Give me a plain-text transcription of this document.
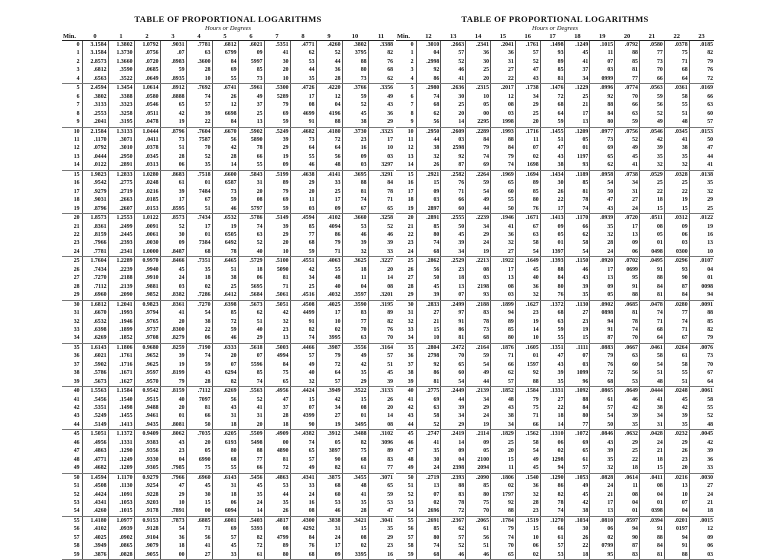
TABLE OF PROPORTIONAL LOGARITHMS
Hours or Degrees
Min.	0	1	2	3	4	5	6	7	8	9	10	11
0	3.1584	1.3802	1.0792	.9031	.7781	.6812	.6021	.5351	.4771	.4260	.3802	.3388
1	3.1584	1.3730	.0756	.07	63	6799	09	41	62	52	3795	82
2	2.8573	1.3660	.0720	.8983	.3600	84	5997	30	53	44	88	76
3	.6812	.3590	.0685	59	28	69	85	20	44	36	80	68
4	.6563	.3522	.0649	.8935	10	55	73	10	35	28	73	62
5	2.4594	1.3454	1.0614	.8912	.7692	.6741	.5961	.5300	.4726	.4220	.3766	.3356
6	.3802	.3388	.0580	.8888	74	26	49	5289	17	12	59	49
7	.3133	.3323	.0546	65	57	12	37	79	08	04	52	43
8	.2553	.3258	.0511	42	39	6698	25	69	4699	4196	45	36
9	.2041	.3195	.0478	19	22	84	13	59	91	88	38	29
10	2.1584	1.3133	1.0444	.8796	.7604	.6670	.5902	.5249	.4682	.4180	.3730	.3323
11	.1170	.3071	.0411	73	7587	56	5890	39	73	72	23	17
12	.0792	.3010	.0378	51	70	42	78	29	64	64	16	10
13	.0444	.2950	.0345	28	52	28	66	19	55	56	09	03
14	.0122	.2891	.0313	06	35	14	55	09	46	48	03	3297
15	1.9823	1.2833	1.0280	.8683	.7518	.6600	.5843	.5199	.4638	.4141	.3695	.3291
16	.9542	.2775	.0248	61	01	6587	31	89	29	33	88	84
17	.9279	.2719	.0216	39	7484	73	20	79	20	25	81	78
18	.9031	.2663	.0185	17	67	59	08	69	11	17	74	71
19	.8796	.2607	.0153	.8595	51	46	5797	59	03	09	67	65
20	1.8573	1.2553	1.0122	.8573	.7434	.6532	.5786	.5149	.4594	.4102	.3660	.3258
21	.8361	.2499	.0091	52	17	19	74	39	85	4094	53	52
22	.8159	.2445	.0061	30	01	6505	63	29	77	86	46	46
23	.7966	.2393	.0030	09	7384	6492	52	20	68	79	39	39
24	.7781	.2341	1.0000	.8487	68	78	40	10	59	71	32	33
25	1.7604	1.2289	0.9970	.8466	.7351	.6465	.5729	.5100	.4551	.4063	.3625	.3227
26	.7434	.2239	.9940	45	35	51	18	5090	42	55	18	20
27	.7270	.2188	.9910	24	18	38	06	81	34	48	11	14
28	.7112	.2139	.9881	03	02	25	5695	71	25	40	04	08
29	.6960	.2090	.9852	.8382	.7286	.6412	.5684	.5061	.4516	.4032	.3597	.3201
30	1.6812	1.2041	0.9823	.8361	.7270	.6398	.5673	.5051	.4508	.4025	.3590	.3195
31	.6670	.1993	.9794	41	54	85	62	42	4499	17	83	89
32	.6532	.1946	.9765	20	38	72	51	32	91	10	77	82
33	.6398	.1899	.9737	.8300	22	59	40	23	82	02	70	76
34	.6269	.1852	.9708	.8279	06	46	29	13	74	3995	63	70
35	1.6143	1.1806	0.9680	.8259	.7190	.6333	.5618	.5003	.4466	.3987	.3556	.3164
36	.6021	.1761	.9652	39	74	20	07	4994	57	79	49	57
37	.5902	.1716	.9625	19	59	07	5596	84	49	72	42	51
38	.5786	.1671	.9597	.8199	43	6294	85	75	40	64	35	45
39	.5673	.1627	.9570	79	28	82	74	65	32	57	29	39
40	1.5563	1.1584	0.9542	.8159	.7112	.6269	.5563	.4956	.4424	.3949	.3522	.3133
41	.5456	.1540	.9515	40	7097	56	52	47	15	42	15	26
42	.5351	.1498	.9488	20	81	43	41	37	07	34	08	20
43	.5249	.1455	.9461	01	66	31	31	28	4399	27	01	14
44	.5149	.1413	.9435	.8081	50	18	20	18	90	19	3495	08
45	1.5051	1.1372	0.9409	.8062	.7035	.6205	.5509	.4909	.4382	.3912	.3488	.3102
46	.4956	.1331	.9383	43	20	6193	5498	00	74	05	82	3096
47	.4863	.1290	.9356	23	05	80	88	4890	65	3897	75	89
48	.4771	.1249	.9330	04	6990	68	77	81	57	90	68	83
49	.4682	.1209	.9305	.7985	75	55	66	72	49	82	61	77
50	1.4594	1.1170	0.9279	.7966	.6960	.6143	.5456	.4863	.4341	.3875	.3455	.3071
51	.4508	.1130	.9254	47	45	31	45	53	33	68	48	65
52	.4424	.1091	.9228	29	30	18	35	44	24	60	41	59
53	.4341	.1053	.9203	10	15	06	24	35	16	53	35	53
54	.4260	.1015	.9178	.7891	00	6094	14	26	08	46	28	47
55	1.4180	1.0977	0.9153	.7873	.6885	.6081	.5403	.4817	.4300	.3838	.3421	.3041
56	.4102	.0939	.9128	54	71	69	5393	08	4292	31	15	35
57	.4025	.0902	.9104	36	56	57	82	4799	84	24	08	29
58	.3949	.0865	.9079	18	41	45	72	89	76	17	02	23
59	.3876	.0828	.9055	00	27	33	61	80	68	09	3395	16
TABLE OF PROPORTIONAL LOGARITHMS
Hours or Degrees
Min.	12	13	14	15	16	17	18	19	20	21	22	23
0	.3010	.2663	.2341	.2041	.1761	.1498	.1249	.1015	.0792	.0580	.0378	.0185
1	04	57	36	36	57	93	45	11	88	77	75	82
2	.2998	52	30	31	52	89	41	07	85	73	71	79
3	92	46	25	27	47	85	37	03	81	70	68	76
4	86	41	20	22	43	81	34	0999	77	66	64	72
5	.2980	.2636	.2315	.2017	.1738	.1476	.1229	.0996	.0774	.0563	.0361	.0169
6	74	30	10	12	34	72	25	92	70	59	58	66
7	68	25	05	08	29	68	21	88	66	56	55	63
8	62	20	00	03	25	64	17	84	63	52	51	60
9	56	14	2295	1998	20	59	13	80	59	49	48	57
10	.2950	.2609	.2289	.1993	.1716	.1455	.1209	.0977	.0756	.0546	.0345	.0153
11	44	03	84	88	11	51	05	73	52	42	41	50
12	38	2598	79	84	07	47	01	69	49	39	38	47
13	32	92	74	79	02	43	1197	65	45	35	35	44
14	26	87	69	74	1698	38	93	62	41	32	32	41
15	.2921	.2582	.2264	.1969	.1694	.1434	.1189	.0958	.0738	.0529	.0328	.0138
16	15	76	59	65	89	30	85	54	34	25	25	35
17	09	71	54	60	85	26	81	50	31	22	22	32
18	03	66	49	55	80	22	78	47	27	18	19	29
19	2897	60	44	50	76	17	74	43	24	15	15	25
20	.2891	.2555	.2239	.1946	.1671	.1413	.1170	.0939	.0720	.0511	.0312	.0122
21	85	50	34	41	67	09	66	35	17	08	09	19
22	80	45	29	36	63	05	62	32	13	05	06	16
23	74	39	24	32	58	01	58	28	09	01	03	13
24	68	34	19	27	54	1397	54	24	06	0498	0300	10
25	.2862	.2529	.2213	.1922	.1649	.1393	.1150	.0920	.0702	.0495	.0296	.0107
26	56	23	08	17	45	88	46	17	0699	91	93	04
27	50	18	03	13	40	84	43	13	95	88	90	01
28	45	13	2198	08	36	80	39	09	91	84	87	0098
29	39	07	93	03	32	76	35	05	88	81	84	94
30	.2833	.2499	.2188	.1899	.1627	.1372	.1130	.0902	.0685	.0478	.0280	.0091
31	27	97	83	94	23	68	27	0898	81	74	77	88
32	21	91	78	89	19	63	23	94	78	71	74	85
33	15	86	73	85	14	59	19	91	74	68	71	82
34	10	81	68	80	10	55	15	87	70	64	67	79
35	.2804	.2472	.2164	.1876	.1605	.1351	.1111	.0883	.0667	.0461	.0264	.0076
36	2798	70	59	71	01	47	07	79	63	58	61	73
37	92	65	54	66	1597	43	03	76	60	54	58	70
38	86	60	49	62	92	39	1099	72	56	51	55	67
39	81	54	44	57	88	35	96	68	53	48	51	64
40	.2775	.2449	.2139	.1852	.1584	.1331	.1092	.0865	.0649	.0444	.0248	.0061
41	69	44	34	48	79	27	88	61	46	41	45	58
42	63	39	29	43	75	22	84	57	42	38	42	55
43	58	34	24	38	71	18	80	54	39	34	39	52
44	52	29	19	34	66	14	77	50	35	31	35	48
45	.2747	.2419	.2114	.1829	.1562	.1310	.1072	.0846	.0632	.0428	.0232	.0045
46	41	14	09	25	58	06	69	43	29	24	29	42
47	35	09	05	20	54	02	65	39	25	21	26	39
48	30	04	2100	15	49	1298	61	35	22	18	23	36
49	24	2398	2094	11	45	94	57	32	18	15	20	33
50	.2719	.2393	.2090	.1806	.1540	.1290	.1053	.0828	.0614	.0411	.0216	.0030
51	13	88	85	02	36	86	49	24	11	08	13	27
52	07	83	80	1797	32	82	45	21	08	04	10	24
53	02	78	75	92	28	78	42	17	04	01	07	21
54	2696	72	70	88	23	74	38	13	01	0398	04	18
55	.2691	.2367	.2065	.1784	.1519	.1270	.1034	.0810	.0597	.0394	.0201	.0015
56	85	62	61	79	15	66	30	06	94	91	0197	12
57	80	57	56	74	10	61	26	02	90	88	94	09
58	74	52	51	70	06	57	22	0799	87	84	91	06
59	68	46	46	65	02	53	18	95	83	81	88	03
